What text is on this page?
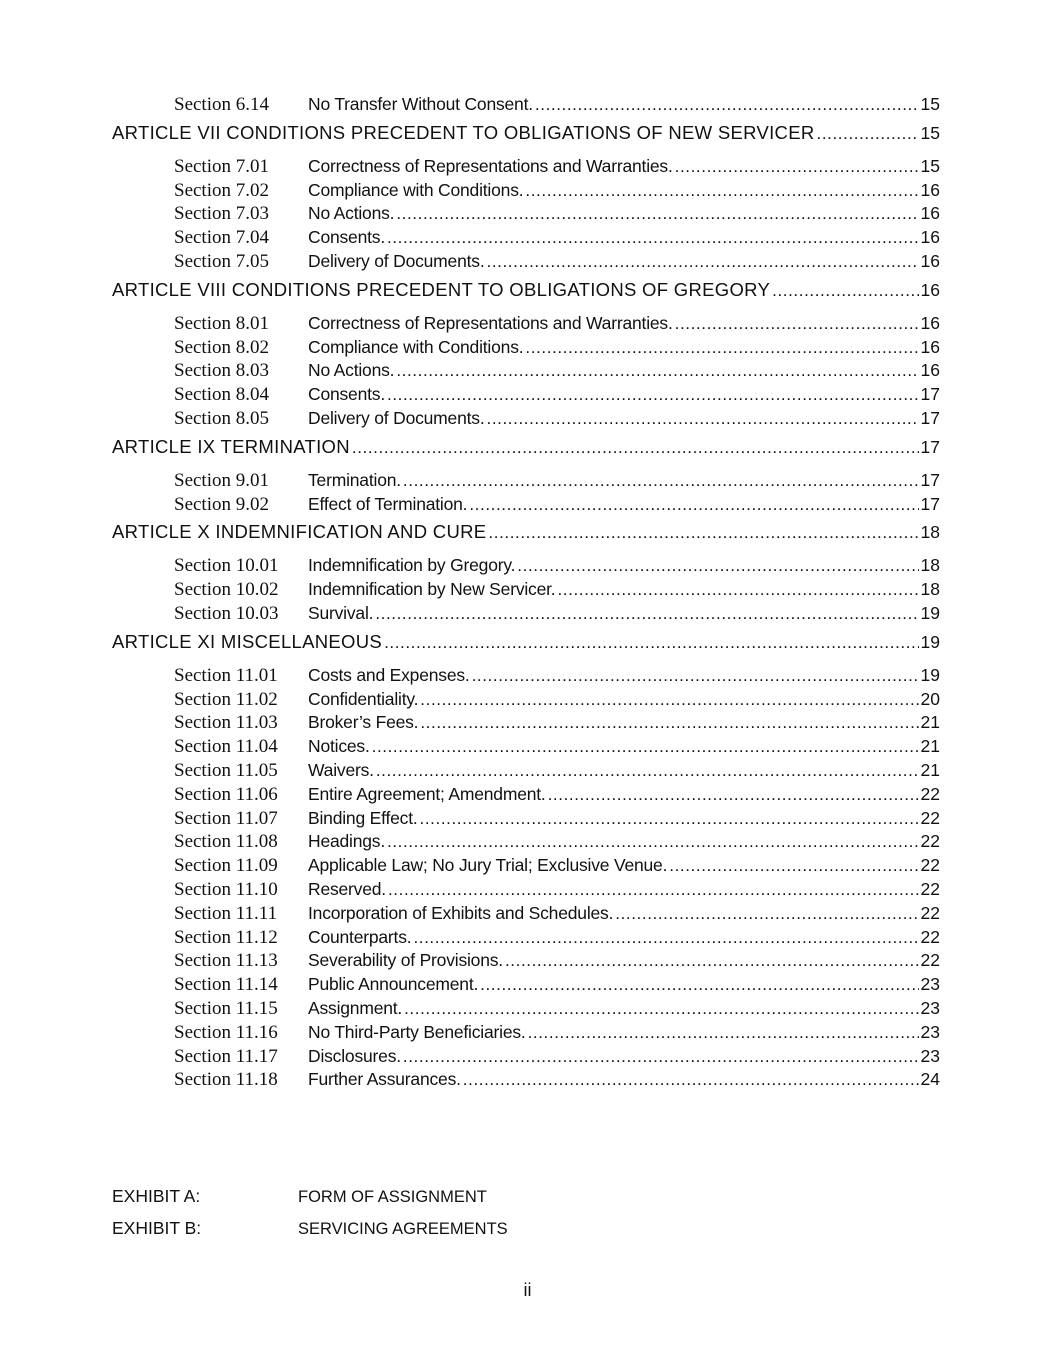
Section 6.14	No Transfer Without Consent. .....	15
ARTICLE VII CONDITIONS PRECEDENT TO OBLIGATIONS OF NEW SERVICER .....	15
Section 7.01	Correctness of Representations and Warranties. .....	15
Section 7.02	Compliance with Conditions. .....	16
Section 7.03	No Actions. .....	16
Section 7.04	Consents. .....	16
Section 7.05	Delivery of Documents. .....	16
ARTICLE VIII CONDITIONS PRECEDENT TO OBLIGATIONS OF GREGORY .....	16
Section 8.01	Correctness of Representations and Warranties. .....	16
Section 8.02	Compliance with Conditions. .....	16
Section 8.03	No Actions. .....	16
Section 8.04	Consents. .....	17
Section 8.05	Delivery of Documents. .....	17
ARTICLE IX TERMINATION .....	17
Section 9.01	Termination. .....	17
Section 9.02	Effect of Termination. .....	17
ARTICLE X INDEMNIFICATION AND CURE .....	18
Section 10.01	Indemnification by Gregory. .....	18
Section 10.02	Indemnification by New Servicer. .....	18
Section 10.03	Survival. .....	19
ARTICLE XI MISCELLANEOUS .....	19
Section 11.01	Costs and Expenses. .....	19
Section 11.02	Confidentiality. .....	20
Section 11.03	Broker’s Fees. .....	21
Section 11.04	Notices. .....	21
Section 11.05	Waivers. .....	21
Section 11.06	Entire Agreement; Amendment. .....	22
Section 11.07	Binding Effect. .....	22
Section 11.08	Headings. .....	22
Section 11.09	Applicable Law; No Jury Trial; Exclusive Venue. .....	22
Section 11.10	Reserved. .....	22
Section 11.11	Incorporation of Exhibits and Schedules. .....	22
Section 11.12	Counterparts. .....	22
Section 11.13	Severability of Provisions. .....	22
Section 11.14	Public Announcement. .....	23
Section 11.15	Assignment. .....	23
Section 11.16	No Third-Party Beneficiaries. .....	23
Section 11.17	Disclosures. .....	23
Section 11.18	Further Assurances. .....	24
EXHIBIT A:	FORM OF ASSIGNMENT
EXHIBIT B:	SERVICING AGREEMENTS
ii
